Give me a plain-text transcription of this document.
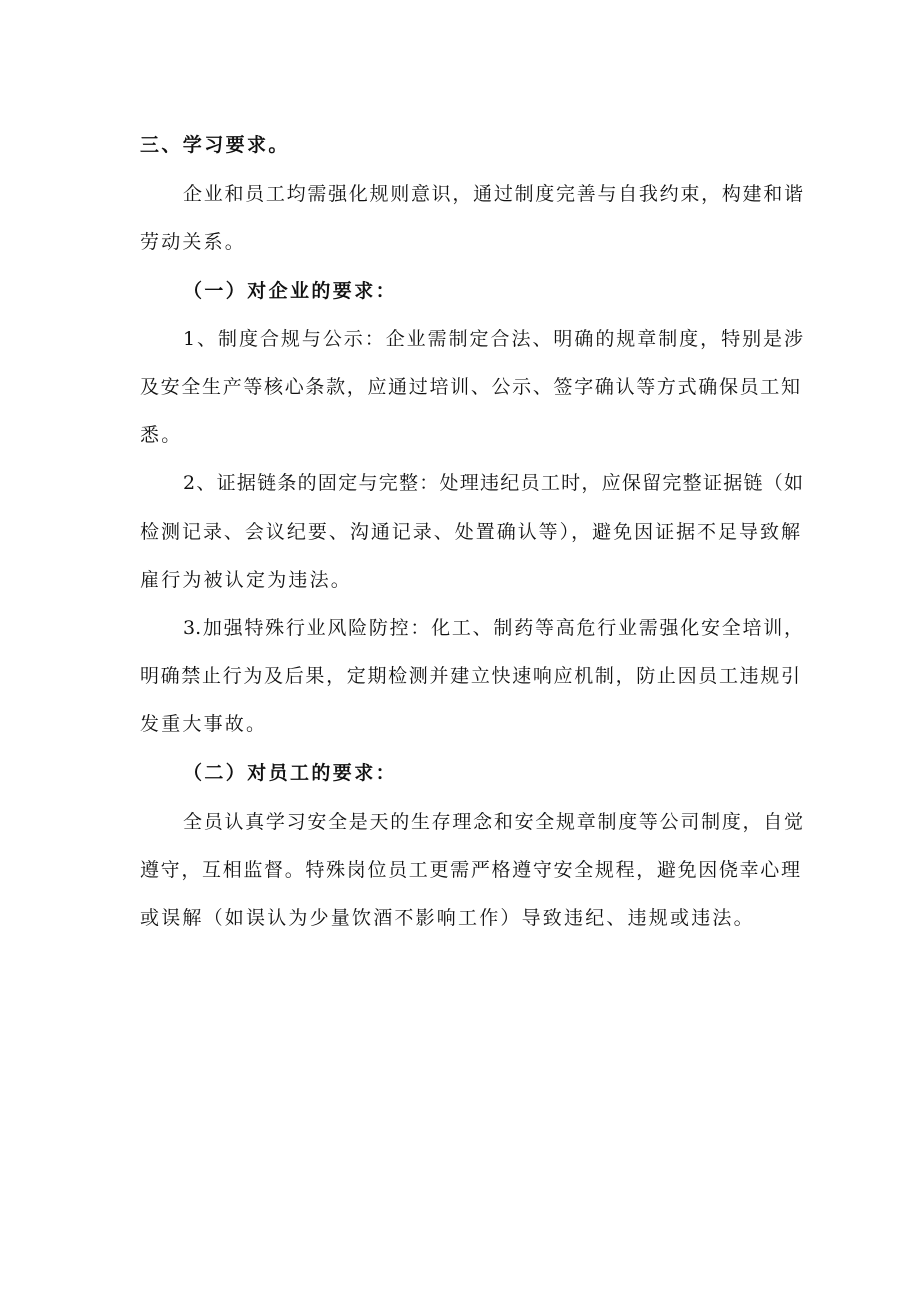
三、学习要求。
企业和员工均需强化规则意识，通过制度完善与自我约束，构建和谐
劳动关系。
（一）对企业的要求：
1、制度合规与公示：企业需制定合法、明确的规章制度，特别是涉
及安全生产等核心条款，应通过培训、公示、签字确认等方式确保员工知
悉。
2、证据链条的固定与完整：处理违纪员工时，应保留完整证据链（如
检测记录、会议纪要、沟通记录、处置确认等），避免因证据不足导致解
雇行为被认定为违法。
3.加强特殊行业风险防控：化工、制药等高危行业需强化安全培训，
明确禁止行为及后果，定期检测并建立快速响应机制，防止因员工违规引
发重大事故。
（二）对员工的要求：
全员认真学习安全是天的生存理念和安全规章制度等公司制度，自觉
遵守，互相监督。特殊岗位员工更需严格遵守安全规程，避免因侥幸心理
或误解（如误认为少量饮酒不影响工作）导致违纪、违规或违法。
